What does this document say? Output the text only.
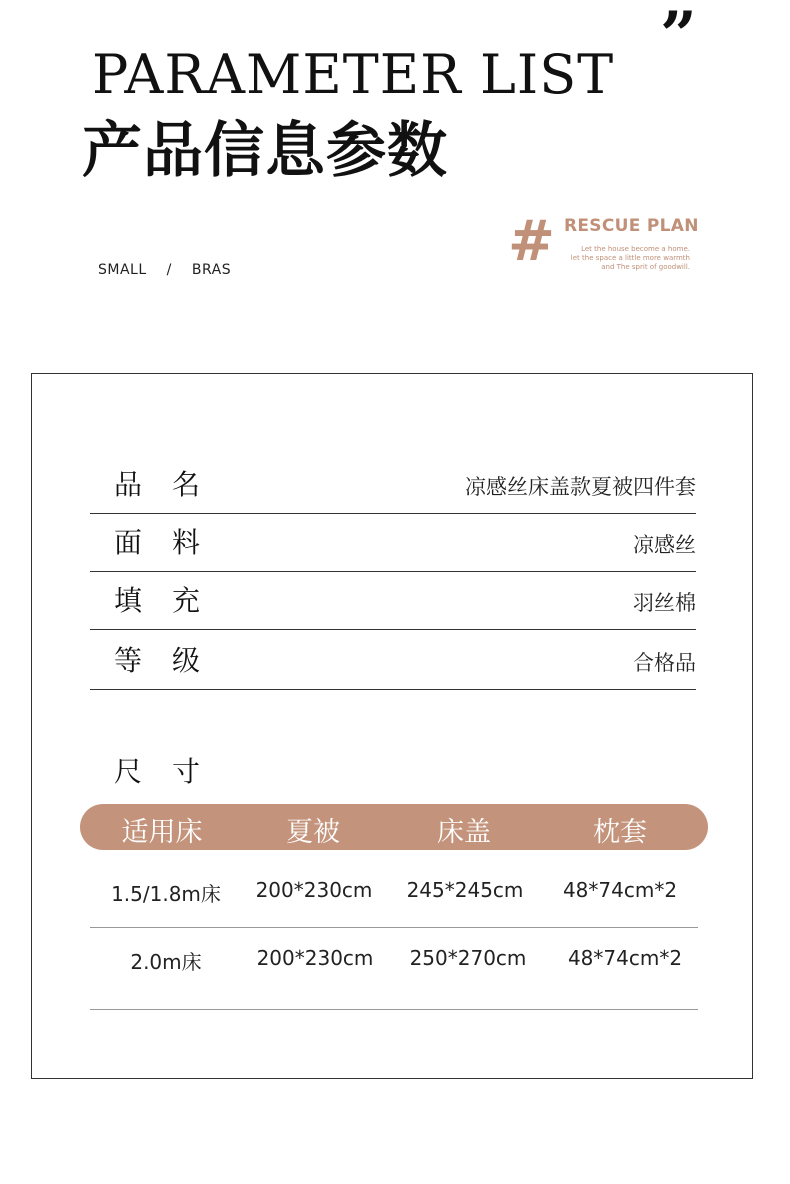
”
PARAMETER LIST
产品信息参数
SMALL / BRAS	# RESCUE PLAN
Let the house become a home.
let the space a little more warmth
and The sprit of goodwill.
品名	凉感丝床盖款夏被四件套
面料	凉感丝
填充	羽丝棉
等级	合格品
尺寸
适用床	夏被	床盖	枕套
1.5/1.8m床 200*230cm 245*245cm 48*74cm*2
2.0m床	200*230cm 250*270cm 48*74cm*2
